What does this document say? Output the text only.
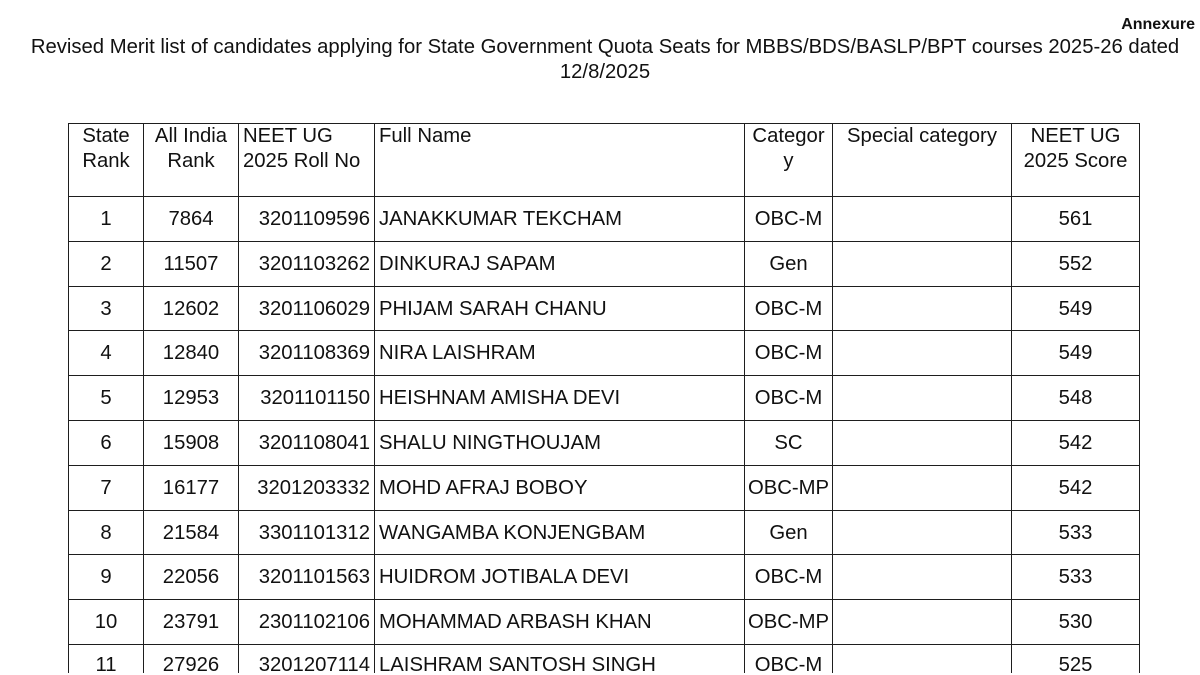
Annexure
Revised Merit list of candidates applying for State Government Quota Seats for MBBS/BDS/BASLP/BPT courses 2025-26 dated 12/8/2025
State Rank	All India Rank	NEET UG 2025 Roll No	Full Name	Category	Special category	NEET UG 2025 Score
1	7864	3201109596	JANAKKUMAR TEKCHAM	OBC-M		561
2	11507	3201103262	DINKURAJ SAPAM	Gen		552
3	12602	3201106029	PHIJAM SARAH CHANU	OBC-M		549
4	12840	3201108369	NIRA LAISHRAM	OBC-M		549
5	12953	3201101150	HEISHNAM AMISHA DEVI	OBC-M		548
6	15908	3201108041	SHALU NINGTHOUJAM	SC		542
7	16177	3201203332	MOHD AFRAJ BOBOY	OBC-MP		542
8	21584	3301101312	WANGAMBA KONJENGBAM	Gen		533
9	22056	3201101563	HUIDROM JOTIBALA DEVI	OBC-M		533
10	23791	2301102106	MOHAMMAD ARBASH KHAN	OBC-MP		530
11	27926	3201207114	LAISHRAM SANTOSH SINGH	OBC-M		525
